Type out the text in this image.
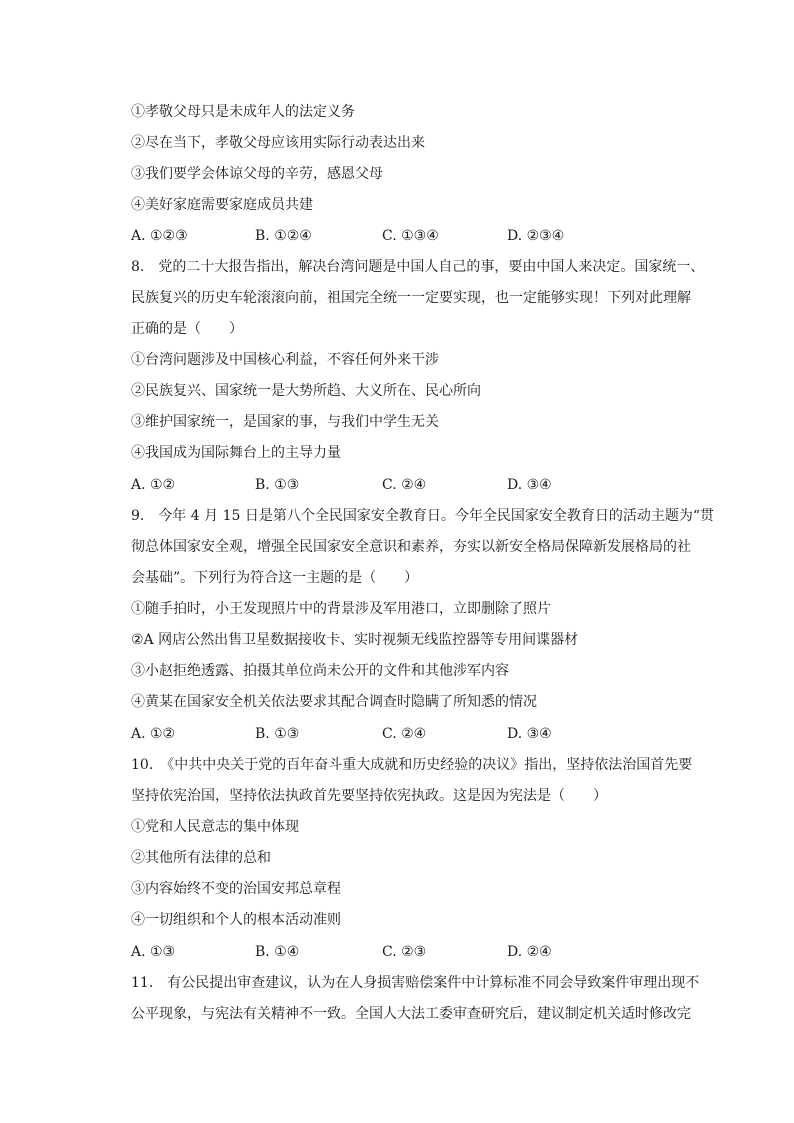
①孝敬父母只是未成年人的法定义务
②尽在当下，孝敬父母应该用实际行动表达出来
③我们要学会体谅父母的辛劳，感恩父母
④美好家庭需要家庭成员共建
A. ①②③	B. ①②④	C. ①③④	D. ②③④
8.　党的二十大报告指出，解决台湾问题是中国人自己的事，要由中国人来决定。国家统一、
民族复兴的历史车轮滚滚向前，祖国完全统一一定要实现，也一定能够实现！下列对此理解
正确的是（　　）
①台湾问题涉及中国核心利益，不容任何外来干涉
②民族复兴、国家统一是大势所趋、大义所在、民心所向
③维护国家统一，是国家的事，与我们中学生无关
④我国成为国际舞台上的主导力量
A. ①②	B. ①③	C. ②④	D. ③④
9.　今年 4 月 15 日是第八个全民国家安全教育日。今年全民国家安全教育日的活动主题为“贯
彻总体国家安全观，增强全民国家安全意识和素养，夯实以新安全格局保障新发展格局的社
会基础”。下列行为符合这一主题的是（　　）
①随手拍时，小王发现照片中的背景涉及军用港口，立即删除了照片
②A 网店公然出售卫星数据接收卡、实时视频无线监控器等专用间谍器材
③小赵拒绝透露、拍摄其单位尚未公开的文件和其他涉军内容
④黄某在国家安全机关依法要求其配合调查时隐瞒了所知悉的情况
A. ①②	B. ①③	C. ②④	D. ③④
10.　《中共中央关于党的百年奋斗重大成就和历史经验的决议》指出，坚持依法治国首先要
坚持依宪治国，坚持依法执政首先要坚持依宪执政。这是因为宪法是（　　）
①党和人民意志的集中体现
②其他所有法律的总和
③内容始终不变的治国安邦总章程
④一切组织和个人的根本活动准则
A. ①③	B. ①④	C. ②③	D. ②④
11.　有公民提出审查建议，认为在人身损害赔偿案件中计算标准不同会导致案件审理出现不
公平现象，与宪法有关精神不一致。全国人大法工委审查研究后，建议制定机关适时修改完
